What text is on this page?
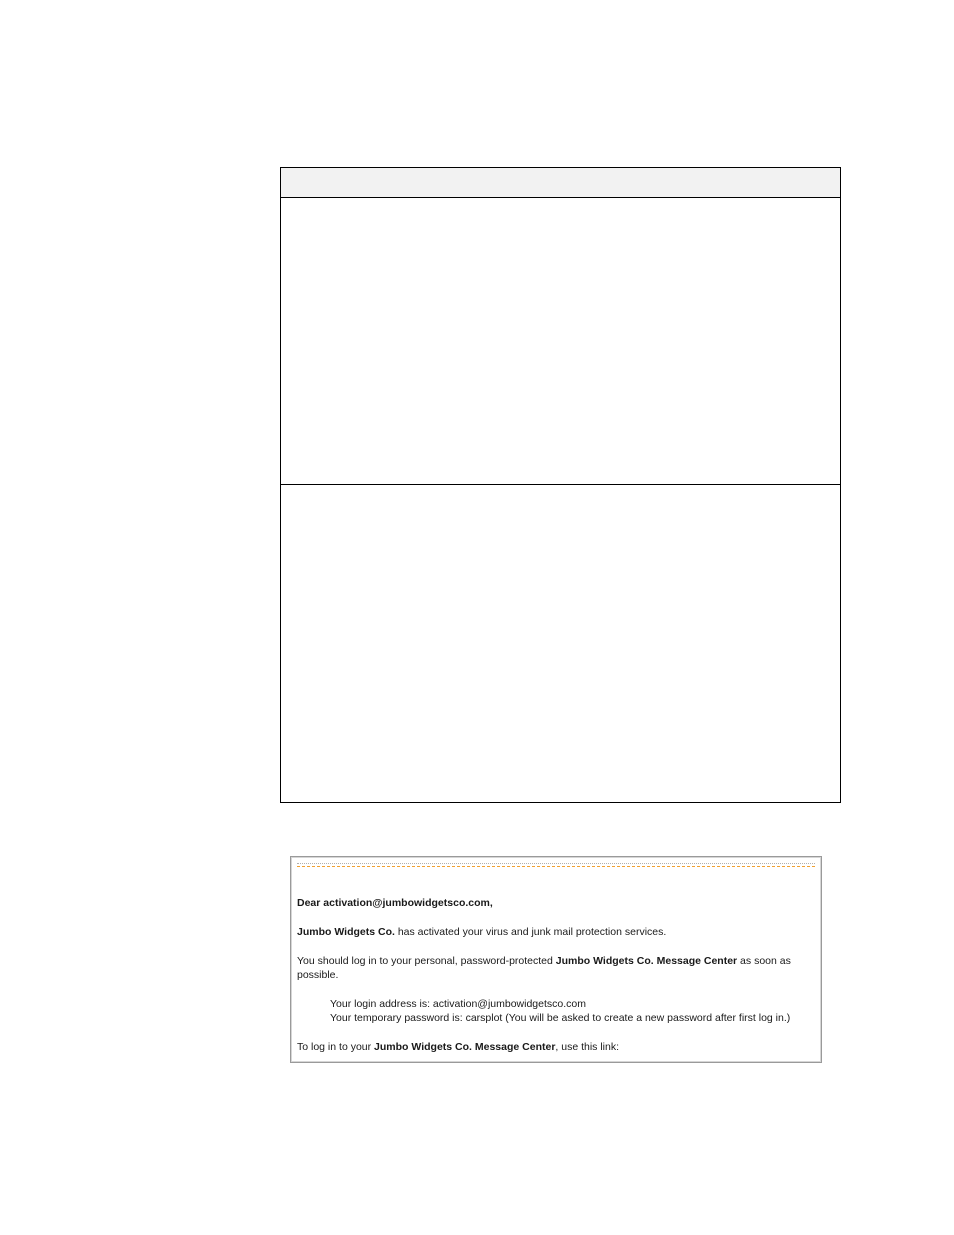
Dear activation@jumbowidgetsco.com,
Jumbo Widgets Co. has activated your virus and junk mail protection services.
You should log in to your personal, password-protected Jumbo Widgets Co. Message Center as soon as possible.
Your login address is: activation@jumbowidgetsco.com
Your temporary password is: carsplot (You will be asked to create a new password after first log in.)
To log in to your Jumbo Widgets Co. Message Center, use this link:
